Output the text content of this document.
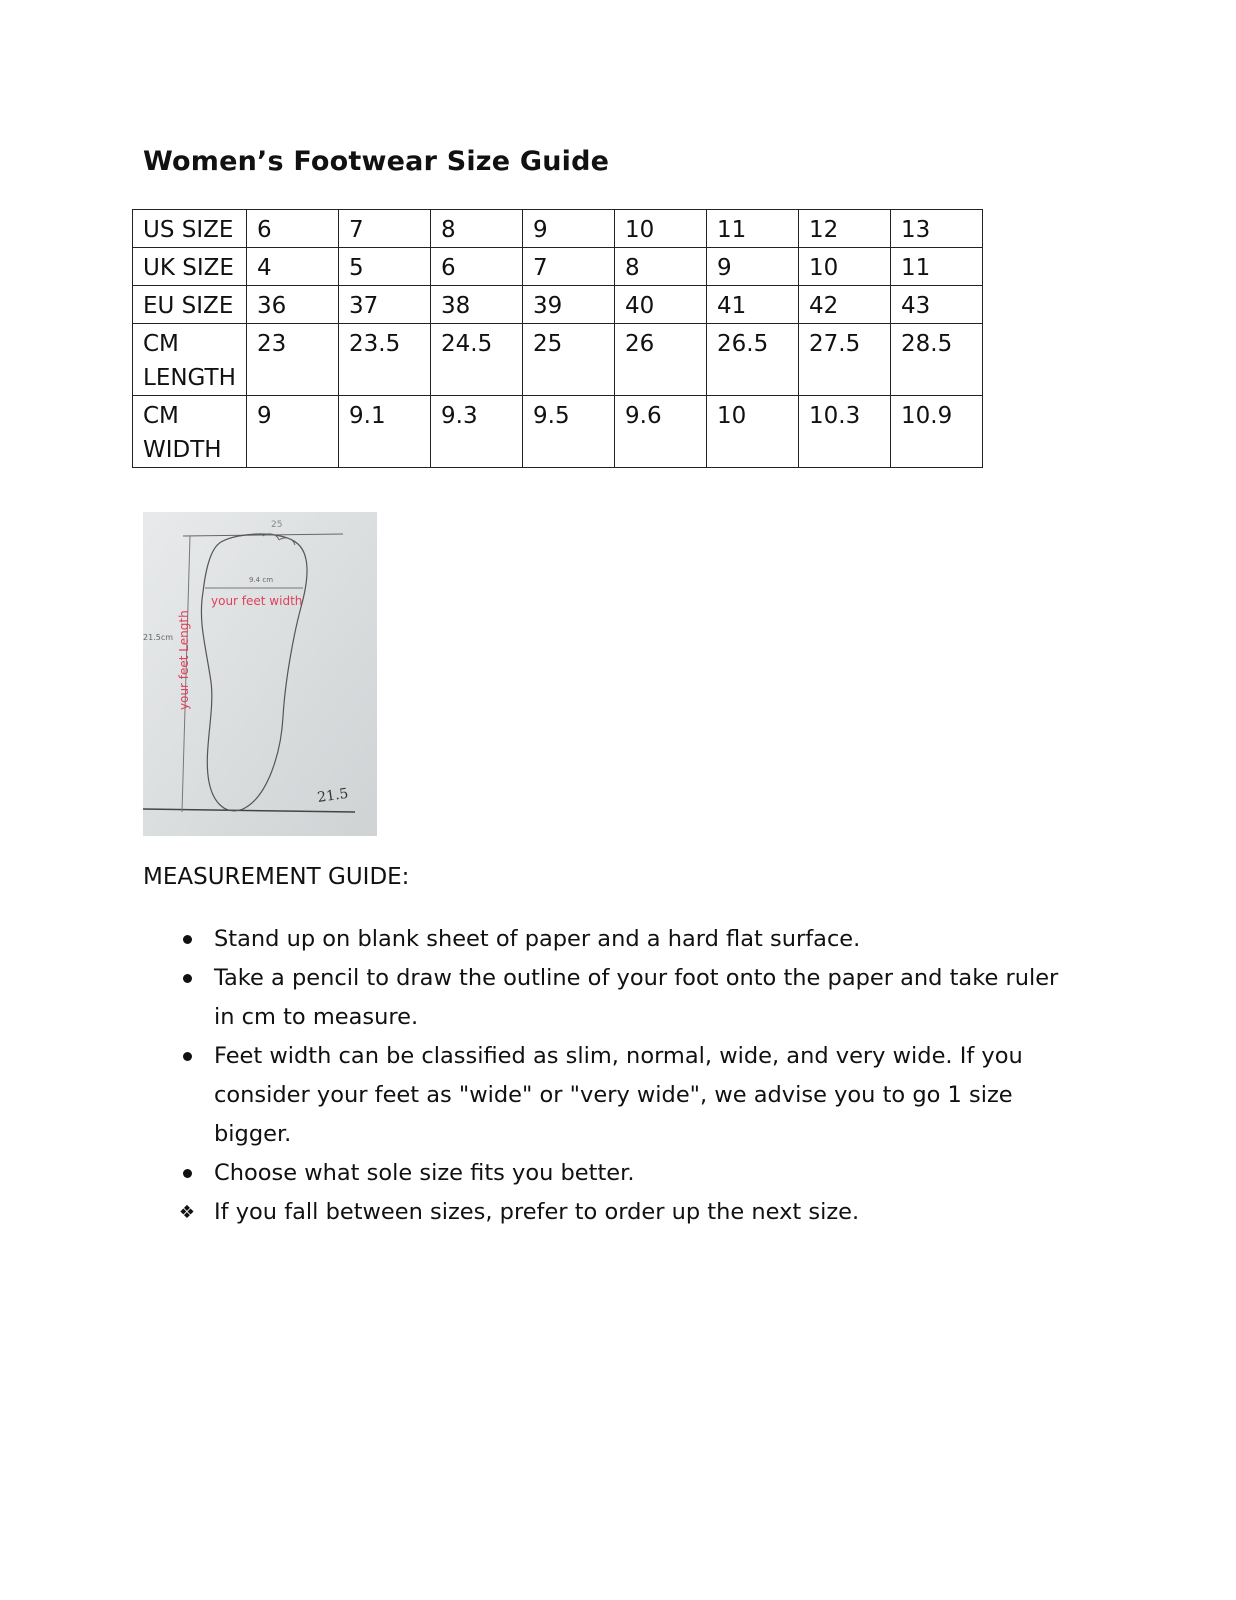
Women’s Footwear Size Guide
US SIZE	6	7	8	9	10	11	12	13
UK SIZE	4	5	6	7	8	9	10	11
EU SIZE	36	37	38	39	40	41	42	43
CM LENGTH	23	23.5	24.5	25	26	26.5	27.5	28.5
CM WIDTH	9	9.1	9.3	9.5	9.6	10	10.3	10.9
25
9.4 cm
your feet width
21.5cm your feet Length
21.5
MEASUREMENT GUIDE:
Stand up on blank sheet of paper and a hard flat surface.
Take a pencil to draw the outline of your foot onto the paper and take ruler in cm to measure.
Feet width can be classified as slim, normal, wide, and very wide. If you consider your feet as "wide" or "very wide", we advise you to go 1 size bigger.
Choose what sole size fits you better.
❖ If you fall between sizes, prefer to order up the next size.
